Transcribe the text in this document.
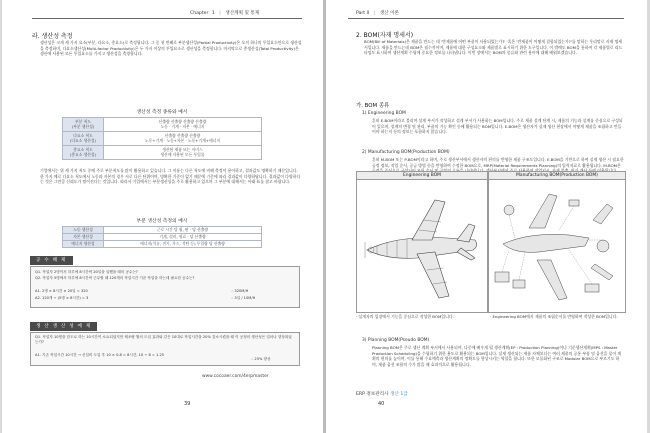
Chapter 1 | 생산계획 및 통제
라. 생산성 측정
생산성은 크게 세 가지 요소(부분, 다요소, 총요소)로 측정됩니다. 그 중 첫 번째로 부분생산성(Partial Productivity)은 오직 하나의 투입요소만으로 생산성을 측정하며, 다요소생산성(Multi-factor Productivity)은 두 가지 이상의 투입요소로 생산성을 측정합니다. 마지막으로 총생산성(Total Productivity)은 생산에 사용된 모든 투입요소를 가지고 생산성을 측정합니다.
생산성 측정 종류와 예시
부분 척도
(부분 생산성)	산출량 산출량 산출량 산출량
노동 · 기계 · 자본 · 에너지
다요소 척도
(다요소 생산성)	산출량 산출량 산출량
노동+기계 · 노동+자본 · 노동+기계+에너지
총요소 척도
(총요소 생산성)	생산된 제품 또는 서비스
생산에 사용된 모든 투입물
기업에서는 위 세 가지 척도 중에 주로 부분척도를 많이 활용하고 있습니다. 그 이유는 다른 척도에 비해 측정이 용이하고, 결과값도 명확하기 때문입니다. 한 가지 예로 다요소 척도에서 노동과 자본의 경우 서로 다른 단위이며, 명확한 기준이 없기 때문에 기준에 따라 결과값이 다양하답니다. 결과값이 다양하다는 것은 그만큼 신뢰도가 떨어진다는 것입니다. 따라서 기업에서는 부분생산성을 주로 활용하고 있으며 그 부분에 대해서는 아래 표를 참고 바랍니다.
부분 생산성 측정의 예시
노동 생산성	근로 시간 당 월, 판 · 당 산출량
자본 생산성	기계, 설비, 원료 · 당 산출량
에너지 생산성	에너지(석유, 전기, 가스, 석탄 등) 투입량 당 산출량
공 수 해 제
Q1. 작업자 2명이서 하루에 8시간씩 20일을 일했을 때의 공수는?
Q2. 작업자 5명에서 하루에 8시간씩 근무할 때 120개의 작업시간 기준 작업을 하는데 필요한 공수는?
A1. 2명 × 8시간 × 20일 = 320	∴ 320M/H
A2. 120개 ÷ (5명 × 8시간) = 3	∴ 3일 / 10M/H
생 산 생 산 성 예 제
Q1. 작업자 10명을 한도로 하는 10시간이 소요되었지만 제조량 월의 도입 효과와 같은 10대로 작업시간을 20% 감소시켰을 때 이 공정의 생산성은 얼마나 향상되었는가?
A1. 기존 작업시간 10시간 → 신설비 도입 후 10 × 0.8 = 8시간, 10 ÷ 8 = 1.25
∴ 25% 향상
www.cocoaer.com/4erpmaster
39
Part II | 생산 이론
2. BOM(자재 명세서)
BOM(Bill of Materials)은 제품을 만드는 데 '반제품에 어떤 부품이 사용되었는가?' '혹은 '반제품이 어떻게 결합되었는가?'를 말하는 우리말로 자재 명세서입니다. 제품을 만드는데 BOM은 필수적이며, 제품에 대한 구성요소와 제품별로 표시하기 위한 도구입니다. 이 밖에도 BOM을 통하여 각 제품별로 리드타임도 표시하여 생산계획 수립에 중요한 정보를 나타냅니다. 이번 장에서는 BOM의 종류와 관련 용어에 대해 배워보겠습니다.
가. BOM 종류
1) Engineering BOM
흔히 E-BOM이라고 불리며 설계 부서가 작성하고 설계 부서가 사용하는 BOM입니다. 주로 제품 설계 단계 시, 제품의 기능과 설계를 중심으로 구성되어 있으며, 설계의 변경 및 관리, 부품의 기능 확인 등에 활용되는 BOM입니다. E-BOM은 생산자가 실제 생산 현장에서 어떻게 제품을 조립하고 만들어야 하는지 등의 정보는 포함하지 않습니다.
2) Manufacturing BOM(Production BOM)
흔히 M-BOM 또는 P-BOM이라고 하며, 주로 생산부서에서 생산자의 편의를 반영한 제품 구조도입니다. E-BOM을 기반으로 하여 실제 생산 시 필요한 공정 정보, 작업 순서, 공급 방법 등을 반영하여 수정한 BOM으로, MRP(Material Requirements Planning)의 입력자료로 활용됩니다. M-BOM은
Engineering BOM	Manufacturing BOM(Production BOM)
· 설계자의 입장에서 기능을 중심으로 작성한 BOM입니다.	· Engineering BOM에서 제품의 조립순서를 반영하여 작성한 BOM입니다.
3) Planning BOM(Pseudo BOM)
Planning BOM은 주로 생산 계획 부서에서 사용되며, 나중에 배우게 될 생산계획(EP : Production Planning)이나 기준생산계획(MPS : Master Production Scheduling)을 수립하기 위한 용도로 활용되는 BOM입니다. 실제 생산되는 제품 자체보다는 여러 제품의 공통 부품 및 옵션을 묶어 계획의 편의를 높이며, 이를 통해 수요예측과 생산계획의 정확도를 향상시키는 역할을 합니다. 또한 모듈화된 구조로 Modular BOM으로 부르기도 하며, 제품 옵션 조합의 수가 많을 때 효과적으로 활용됩니다.
ERP 정보관리사 생산 1급
40
